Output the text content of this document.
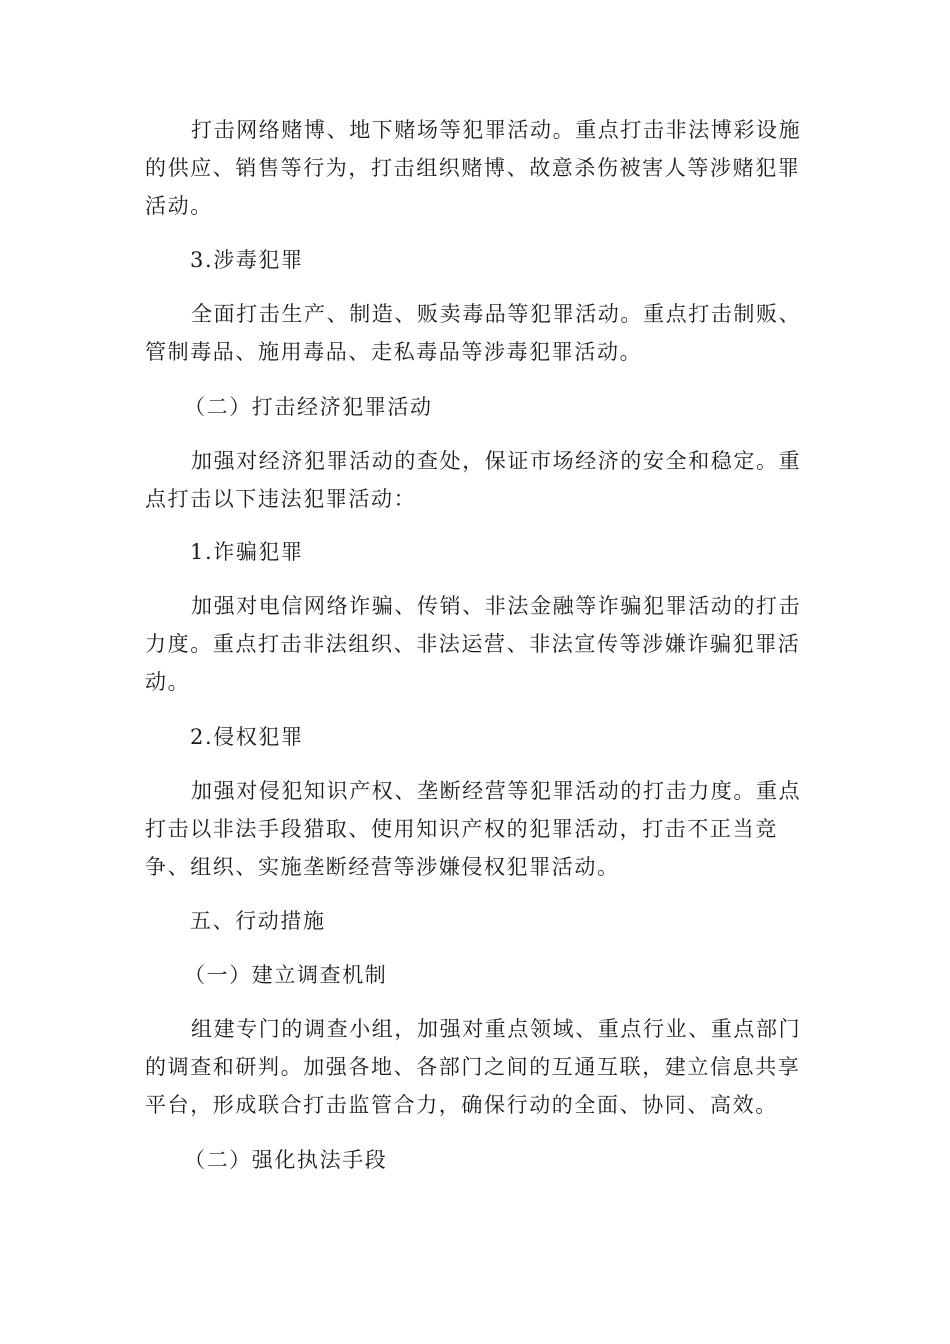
打击网络赌博、地下赌场等犯罪活动。重点打击非法博彩设施的供应、销售等行为，打击组织赌博、故意杀伤被害人等涉赌犯罪活动。
3.涉毒犯罪
全面打击生产、制造、贩卖毒品等犯罪活动。重点打击制贩、管制毒品、施用毒品、走私毒品等涉毒犯罪活动。
（二）打击经济犯罪活动
加强对经济犯罪活动的查处，保证市场经济的安全和稳定。重点打击以下违法犯罪活动：
1.诈骗犯罪
加强对电信网络诈骗、传销、非法金融等诈骗犯罪活动的打击力度。重点打击非法组织、非法运营、非法宣传等涉嫌诈骗犯罪活动。
2.侵权犯罪
加强对侵犯知识产权、垄断经营等犯罪活动的打击力度。重点打击以非法手段猎取、使用知识产权的犯罪活动，打击不正当竞争、组织、实施垄断经营等涉嫌侵权犯罪活动。
五、行动措施
（一）建立调查机制
组建专门的调查小组，加强对重点领域、重点行业、重点部门的调查和研判。加强各地、各部门之间的互通互联，建立信息共享平台，形成联合打击监管合力，确保行动的全面、协同、高效。
（二）强化执法手段
